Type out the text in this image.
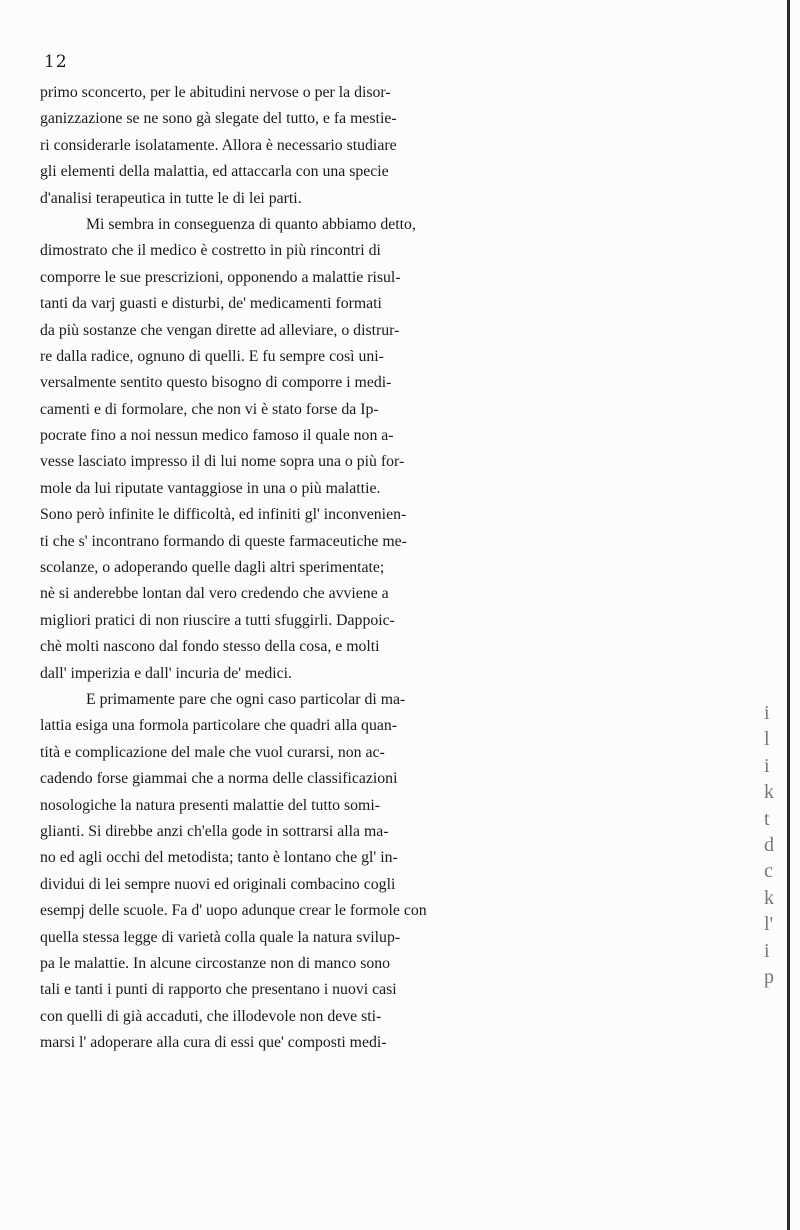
12
primo sconcerto, per le abitudini nervose o per la disor-
ganizzazione se ne sono gà slegate del tutto, e fa mestie-
ri considerarle isolatamente. Allora è necessario studiare
gli elementi della malattia, ed attaccarla con una specie
d'analisi terapeutica in tutte le di lei parti.
Mi sembra in conseguenza di quanto abbiamo detto,
dimostrato che il medico è costretto in più rincontri di
comporre le sue prescrizioni, opponendo a malattie risul-
tanti da varj guasti e disturbi, de' medicamenti formati
da più sostanze che vengan dirette ad alleviare, o distrur-
re dalla radice, ognuno di quelli. E fu sempre così uni-
versalmente sentito questo bisogno di comporre i medi-
camenti e di formolare, che non vi è stato forse da Ip-
pocrate fino a noi nessun medico famoso il quale non a-
vesse lasciato impresso il di lui nome sopra una o più for-
mole da lui riputate vantaggiose in una o più malattie.
Sono però infinite le difficoltà, ed infiniti gl' inconvenien-
ti che s' incontrano formando di queste farmaceutiche me-
scolanze, o adoperando quelle dagli altri sperimentate;
nè si anderebbe lontan dal vero credendo che avviene a
migliori pratici di non riuscire a tutti sfuggirli. Dappoic-
chè molti nascono dal fondo stesso della cosa, e molti
dall' imperizia e dall' incuria de' medici.
E primamente pare che ogni caso particolar di ma-
lattia esiga una formola particolare che quadri alla quan-
tità e complicazione del male che vuol curarsi, non ac-
cadendo forse giammai che a norma delle classificazioni
nosologiche la natura presenti malattie del tutto somi-
glianti. Si direbbe anzi ch'ella gode in sottrarsi alla ma-
no ed agli occhi del metodista; tanto è lontano che gl' in-
dividui di lei sempre nuovi ed originali combacino cogli
esempj delle scuole. Fa d' uopo adunque crear le formole con
quella stessa legge di varietà colla quale la natura svilup-
pa le malattie. In alcune circostanze non di manco sono
tali e tanti i punti di rapporto che presentano i nuovi casi
con quelli di già accaduti, che illodevole non deve sti-
marsi l' adoperare alla cura di essi que' composti medi-
i
l
i
k
t
d
c
k
l'
i
p
